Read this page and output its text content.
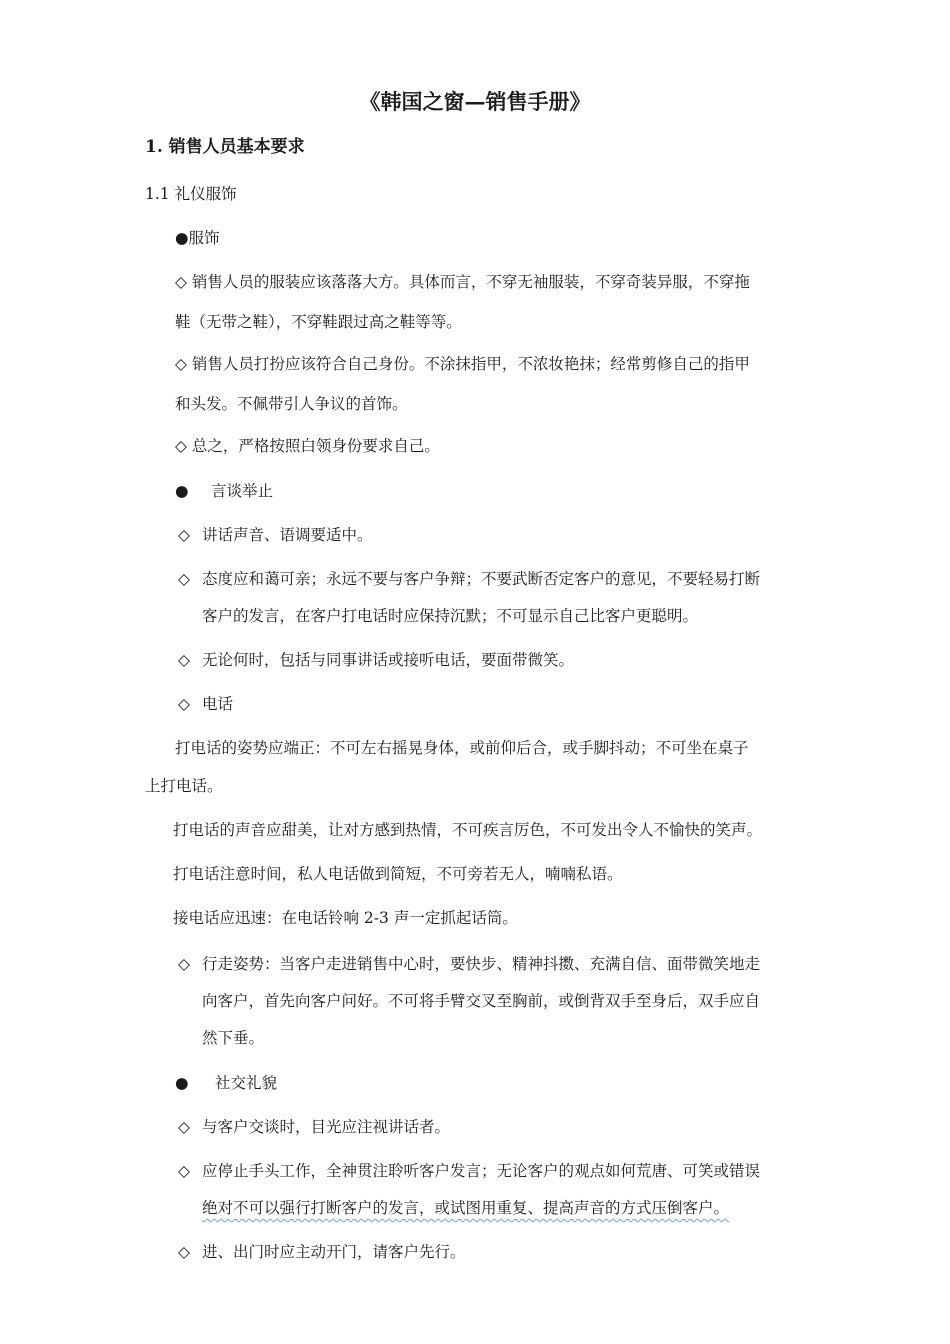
《韩国之窗—销售手册》
1. 销售人员基本要求
1.1 礼仪服饰
●服饰
◇ 销售人员的服装应该落落大方。具体而言，不穿无袖服装，不穿奇装异服，不穿拖
鞋（无带之鞋），不穿鞋跟过高之鞋等等。
◇ 销售人员打扮应该符合自己身份。不涂抹指甲，不浓妆艳抹；经常剪修自己的指甲
和头发。不佩带引人争议的首饰。
◇ 总之，严格按照白领身份要求自己。
● 言谈举止
◇ 讲话声音、语调要适中。
◇ 态度应和蔼可亲；永远不要与客户争辩；不要武断否定客户的意见，不要轻易打断
客户的发言，在客户打电话时应保持沉默；不可显示自己比客户更聪明。
◇ 无论何时，包括与同事讲话或接听电话，要面带微笑。
◇ 电话
打电话的姿势应端正：不可左右摇晃身体，或前仰后合，或手脚抖动；不可坐在桌子
上打电话。
打电话的声音应甜美，让对方感到热情，不可疾言厉色，不可发出令人不愉快的笑声。
打电话注意时间，私人电话做到简短，不可旁若无人，喃喃私语。
接电话应迅速：在电话铃响 2-3 声一定抓起话筒。
◇ 行走姿势：当客户走进销售中心时，要快步、精神抖擞、充满自信、面带微笑地走
向客户，首先向客户问好。不可将手臂交叉至胸前，或倒背双手至身后，双手应自
然下垂。
● 社交礼貌
◇ 与客户交谈时，目光应注视讲话者。
◇ 应停止手头工作，全神贯注聆听客户发言；无论客户的观点如何荒唐、可笑或错误
绝对不可以强行打断客户的发言，或试图用重复、提高声音的方式压倒客户。
◇ 进、出门时应主动开门，请客户先行。
